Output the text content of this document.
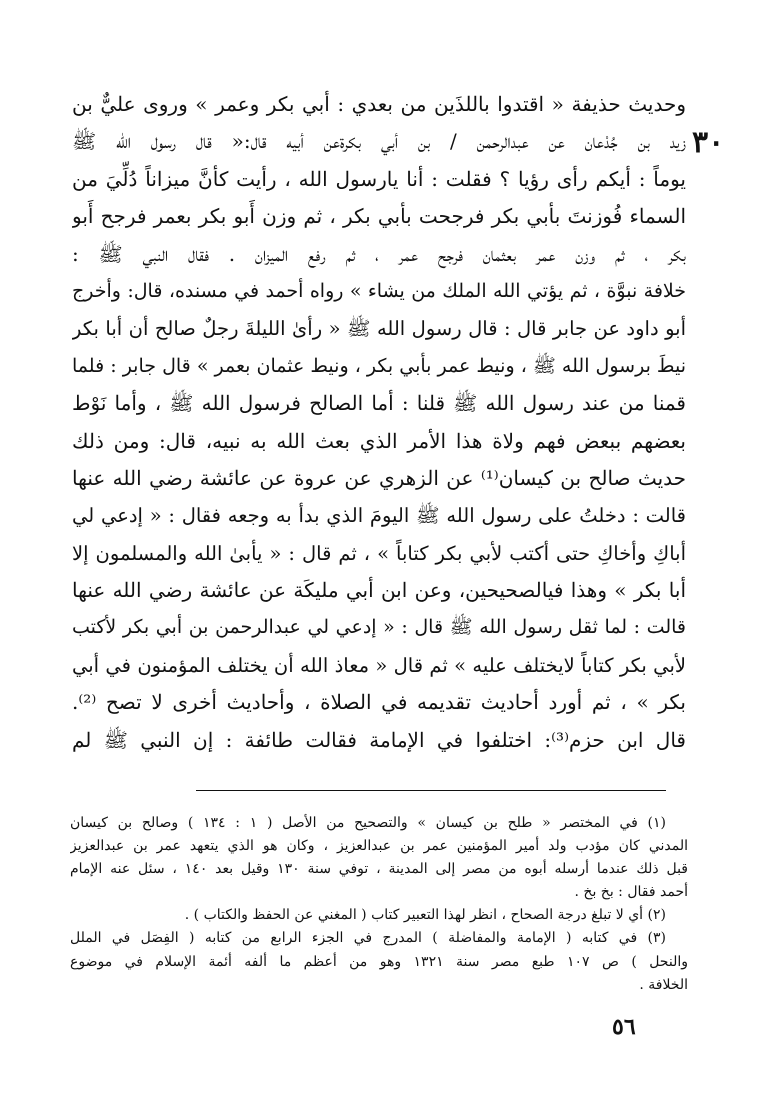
٣٠
وحديث حذيفة « اقتدوا باللذَين من بعدي : أبي بكر وعمر » وروى عليٌّ بن
زيد بن جُدْعان عن عبدالرحمن / بن أبي بكرةعن أبيه قال:« قال رسول الله ﷺ
يوماً : أيكم رأى رؤيا ؟ فقلت : أنا يارسول الله ، رأيت كأنَّ ميزاناً دُلِّيَ من
السماء فُوزنتَ بأبي بكر فرجحت بأبي بكر ، ثم وزن أَبو بكر بعمر فرجح أَبو
بكر ، ثم وزن عمر بعثمان فرجح عمر ، ثم رفع الميزان . فقال النبي ﷺ :
خلافة نبوَّة ، ثم يؤتي الله الملك من يشاء » رواه أحمد في مسنده، قال: وأخرج
أبو داود عن جابر قال : قال رسول الله ﷺ « رأىٰ الليلةَ رجلٌ صالح أن أبا بكر
نيطَ برسول الله ﷺ ، ونيط عمر بأبي بكر ، ونيط عثمان بعمر » قال جابر : فلما
قمنا من عند رسول الله ﷺ قلنا : أما الصالح فرسول الله ﷺ ، وأما نَوْط
بعضهم ببعض فهم ولاة هذا الأمر الذي بعث الله به نبيه، قال: ومن ذلك
حديث صالح بن كيسان⁽¹⁾ عن الزهري عن عروة عن عائشة رضي الله عنها
قالت : دخلتُ على رسول الله ﷺ اليومَ الذي بدأ به وجعه فقال : « إدعي لي
أباكِ وأخاكِ حتى أكتب لأبي بكر كتاباً » ، ثم قال : « يأبىٰ الله والمسلمون إلا
أبا بكر » وهذا فيالصحيحين، وعن ابن أبي مليكَة عن عائشة رضي الله عنها
قالت : لما ثقل رسول الله ﷺ قال : « إدعي لي عبدالرحمن بن أبي بكر لأكتب
لأبي بكر كتاباً لايختلف عليه » ثم قال « معاذ الله أن يختلف المؤمنون في أبي
بكر » ، ثم أورد أحاديث تقديمه في الصلاة ، وأحاديث أخرى لا تصح ⁽²⁾.
قال ابن حزم⁽³⁾: اختلفوا في الإمامة فقالت طائفة : إن النبي ﷺ لم
(١) في المختصر « طلح بن كيسان » والتصحيح من الأصل ( ١ : ١٣٤ ) وصالح بن كيسان
المدني كان مؤدب ولد أمير المؤمنين عمر بن عبدالعزيز ، وكان هو الذي يتعهد عمر بن عبدالعزيز
قبل ذلك عندما أرسله أبوه من مصر إلى المدينة ، توفي سنة ١٣٠ وقيل بعد ١٤٠ ، سئل عنه الإمام
أحمد فقال : بخ بخ .
(٢) أي لا تبلغ درجة الصحاح ، انظر لهذا التعبير كتاب ( المغني عن الحفظ والكتاب ) .
(٣) في كتابه ( الإمامة والمفاضلة ) المدرج في الجزء الرابع من كتابه ( الفِصَل في الملل
والنحل ) ص ١٠٧ طبع مصر سنة ١٣٢١ وهو من أعظم ما ألفه أئمة الإسلام في موضوع
الخلافة .
٥٦
